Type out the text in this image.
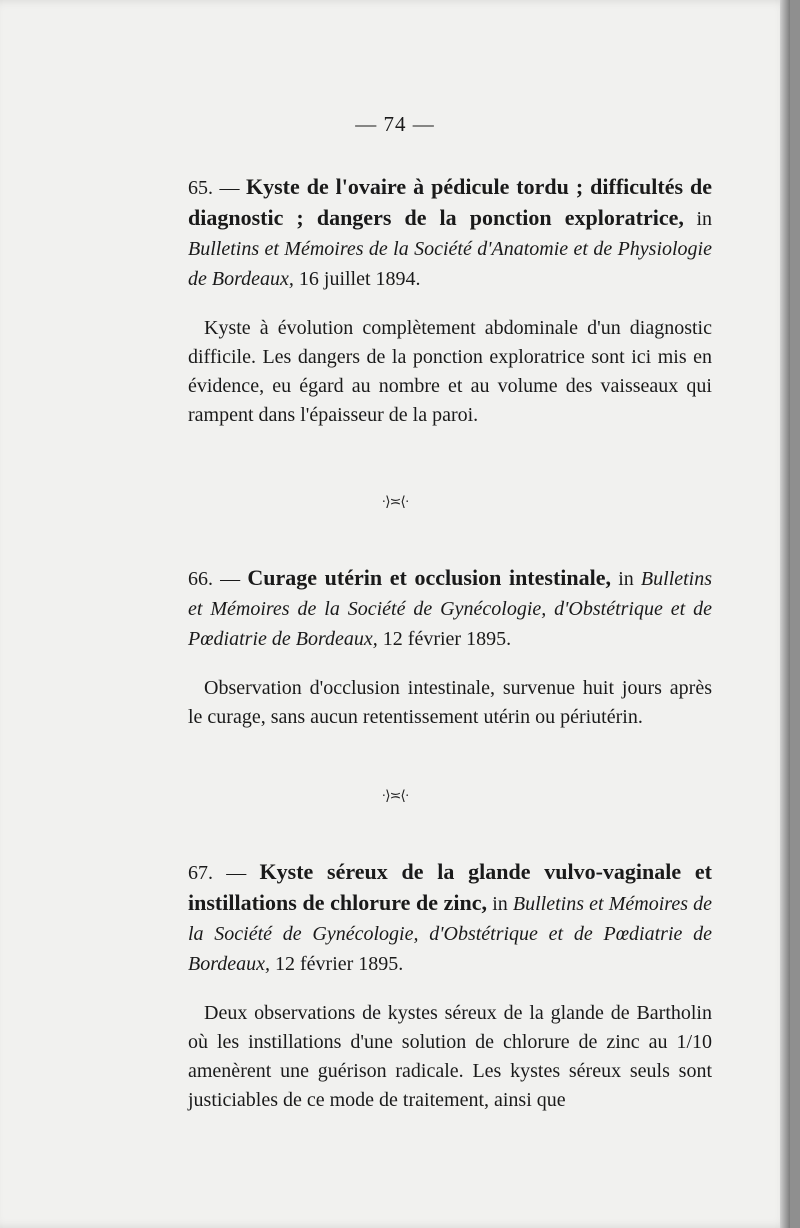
— 74 —
65. — Kyste de l'ovaire à pédicule tordu ; difficultés de diagnostic ; dangers de la ponction exploratrice, in Bulletins et Mémoires de la Société d'Anatomie et de Physiologie de Bordeaux, 16 juillet 1894.
Kyste à évolution complètement abdominale d'un diagnostic difficile. Les dangers de la ponction exploratrice sont ici mis en évidence, eu égard au nombre et au volume des vaisseaux qui rampent dans l'épaisseur de la paroi.
·⟩≍⟨·
66. — Curage utérin et occlusion intestinale, in Bulletins et Mémoires de la Société de Gynécologie, d'Obstétrique et de Pœdiatrie de Bordeaux, 12 février 1895.
Observation d'occlusion intestinale, survenue huit jours après le curage, sans aucun retentissement utérin ou périutérin.
·⟩≍⟨·
67. — Kyste séreux de la glande vulvo-vaginale et instillations de chlorure de zinc, in Bulletins et Mémoires de la Société de Gynécologie, d'Obstétrique et de Pœdiatrie de Bordeaux, 12 février 1895.
Deux observations de kystes séreux de la glande de Bartholin où les instillations d'une solution de chlorure de zinc au 1/10 amenèrent une guérison radicale. Les kystes séreux seuls sont justiciables de ce mode de traitement, ainsi que
